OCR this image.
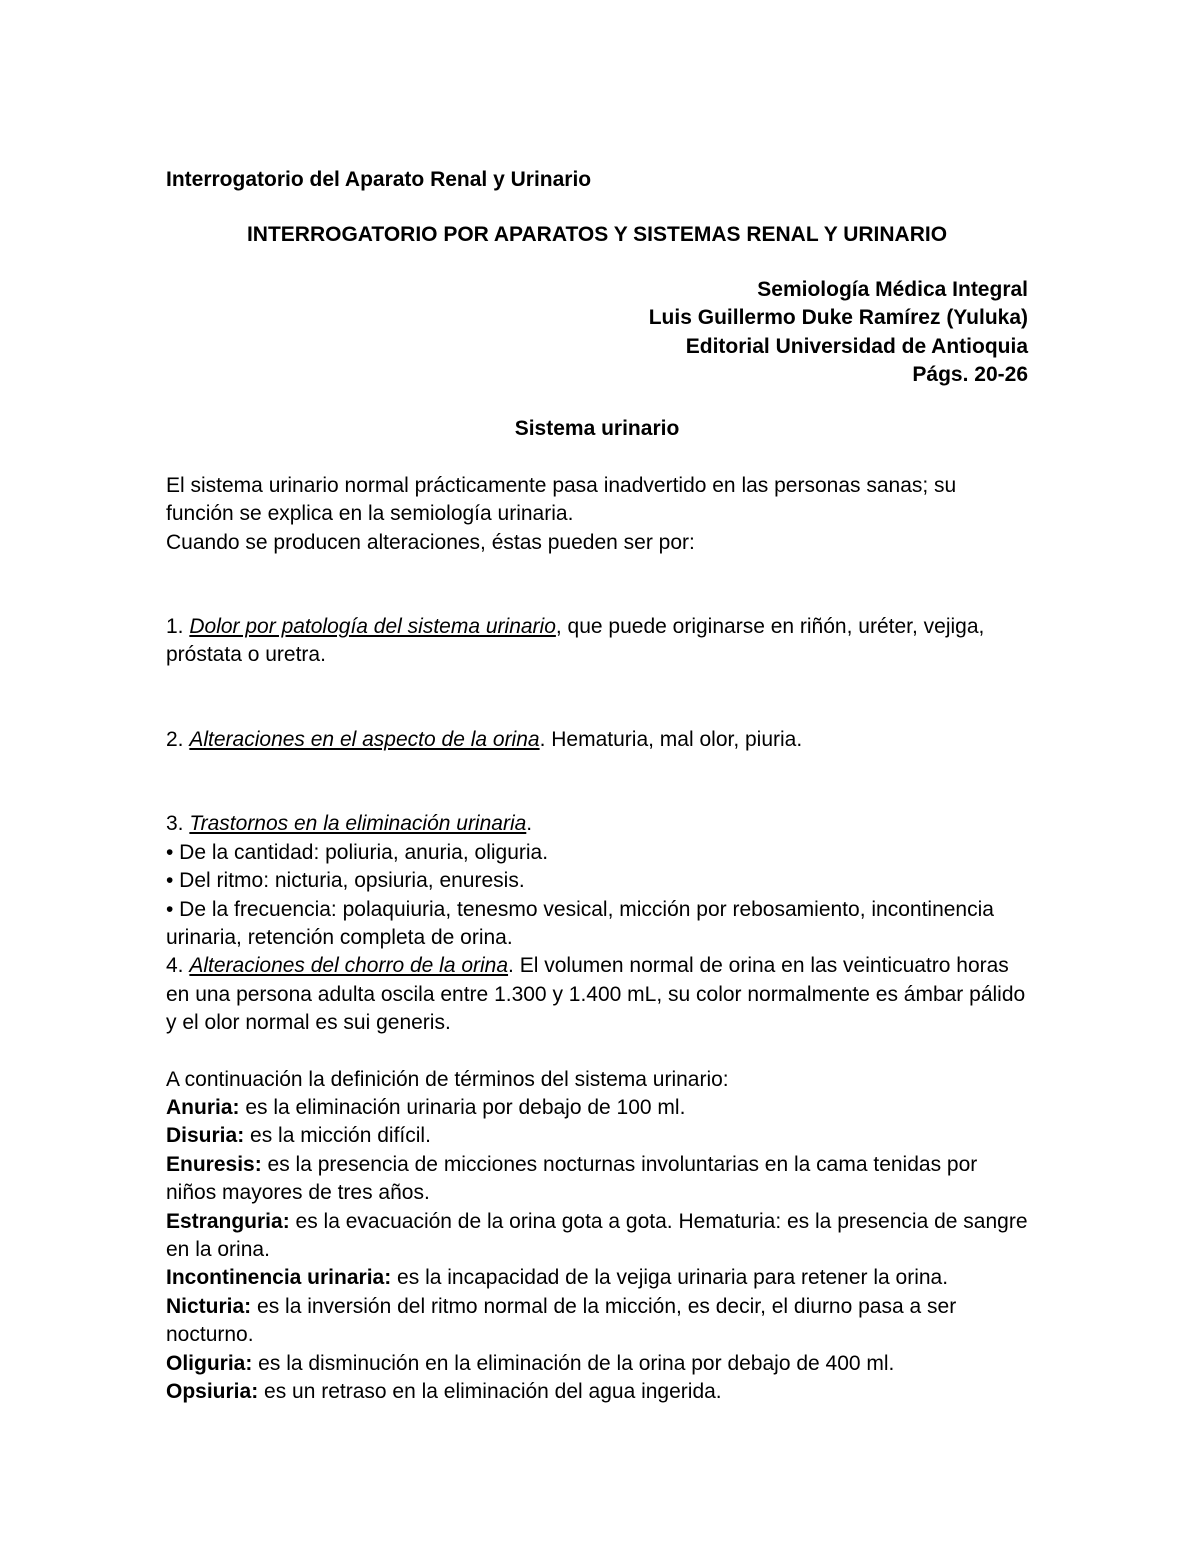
Interrogatorio del Aparato Renal y Urinario

INTERROGATORIO POR APARATOS Y SISTEMAS RENAL Y URINARIO

Semiología Médica Integral

Luis Guillermo Duke Ramírez (Yuluka)

Editorial Universidad de Antioquia

Págs. 20-26

Sistema urinario

El sistema urinario normal prácticamente pasa inadvertido en las personas sanas; su función se explica en la semiología urinaria.

Cuando se producen alteraciones, éstas pueden ser por:

1. Dolor por patología del sistema urinario, que puede originarse en riñón, uréter, vejiga, próstata o uretra.

2. Alteraciones en el aspecto de la orina. Hematuria, mal olor, piuria.

3. Trastornos en la eliminación urinaria.

• De la cantidad: poliuria, anuria, oliguria.

• Del ritmo: nicturia, opsiuria, enuresis.

• De la frecuencia: polaquiuria, tenesmo vesical, micción por rebosamiento, incontinencia urinaria, retención completa de orina.

4. Alteraciones del chorro de la orina. El volumen normal de orina en las veinticuatro horas en una persona adulta oscila entre 1.300 y 1.400 mL, su color normalmente es ámbar pálido y el olor normal es sui generis.

A continuación la definición de términos del sistema urinario:

Anuria: es la eliminación urinaria por debajo de 100 ml.

Disuria: es la micción difícil.

Enuresis: es la presencia de micciones nocturnas involuntarias en la cama tenidas por niños mayores de tres años.

Estranguria: es la evacuación de la orina gota a gota. Hematuria: es la presencia de sangre en la orina.

Incontinencia urinaria: es la incapacidad de la vejiga urinaria para retener la orina.

Nicturia: es la inversión del ritmo normal de la micción, es decir, el diurno pasa a ser nocturno.

Oliguria: es la disminución en la eliminación de la orina por debajo de 400 ml.

Opsiuria: es un retraso en la eliminación del agua ingerida.
